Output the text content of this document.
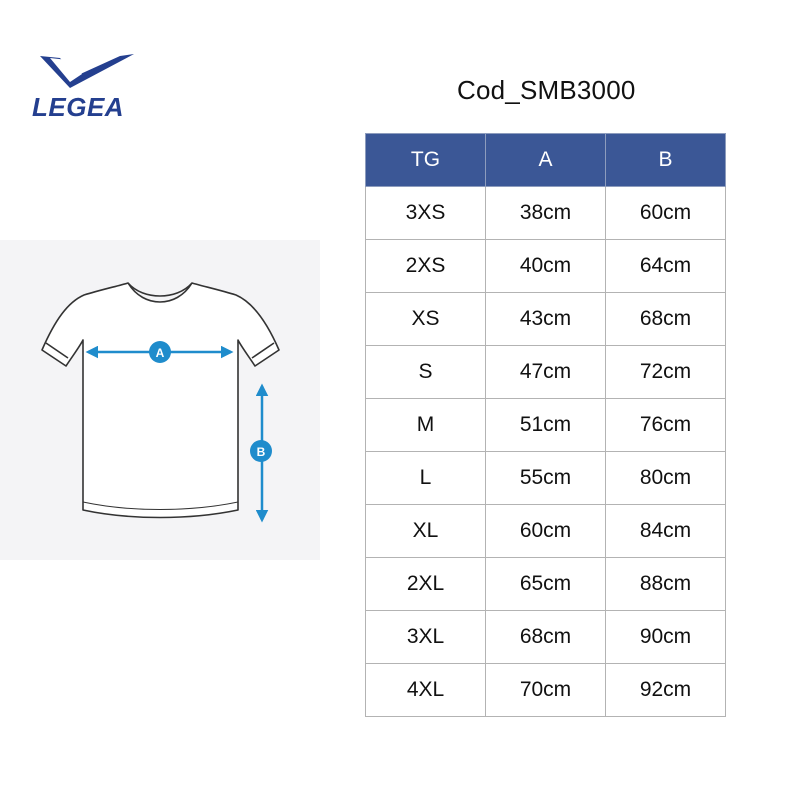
LEGEA
Cod_SMB3000
A
B
TG	A	B
3XS	38cm	60cm
2XS	40cm	64cm
XS	43cm	68cm
S	47cm	72cm
M	51cm	76cm
L	55cm	80cm
XL	60cm	84cm
2XL	65cm	88cm
3XL	68cm	90cm
4XL	70cm	92cm
